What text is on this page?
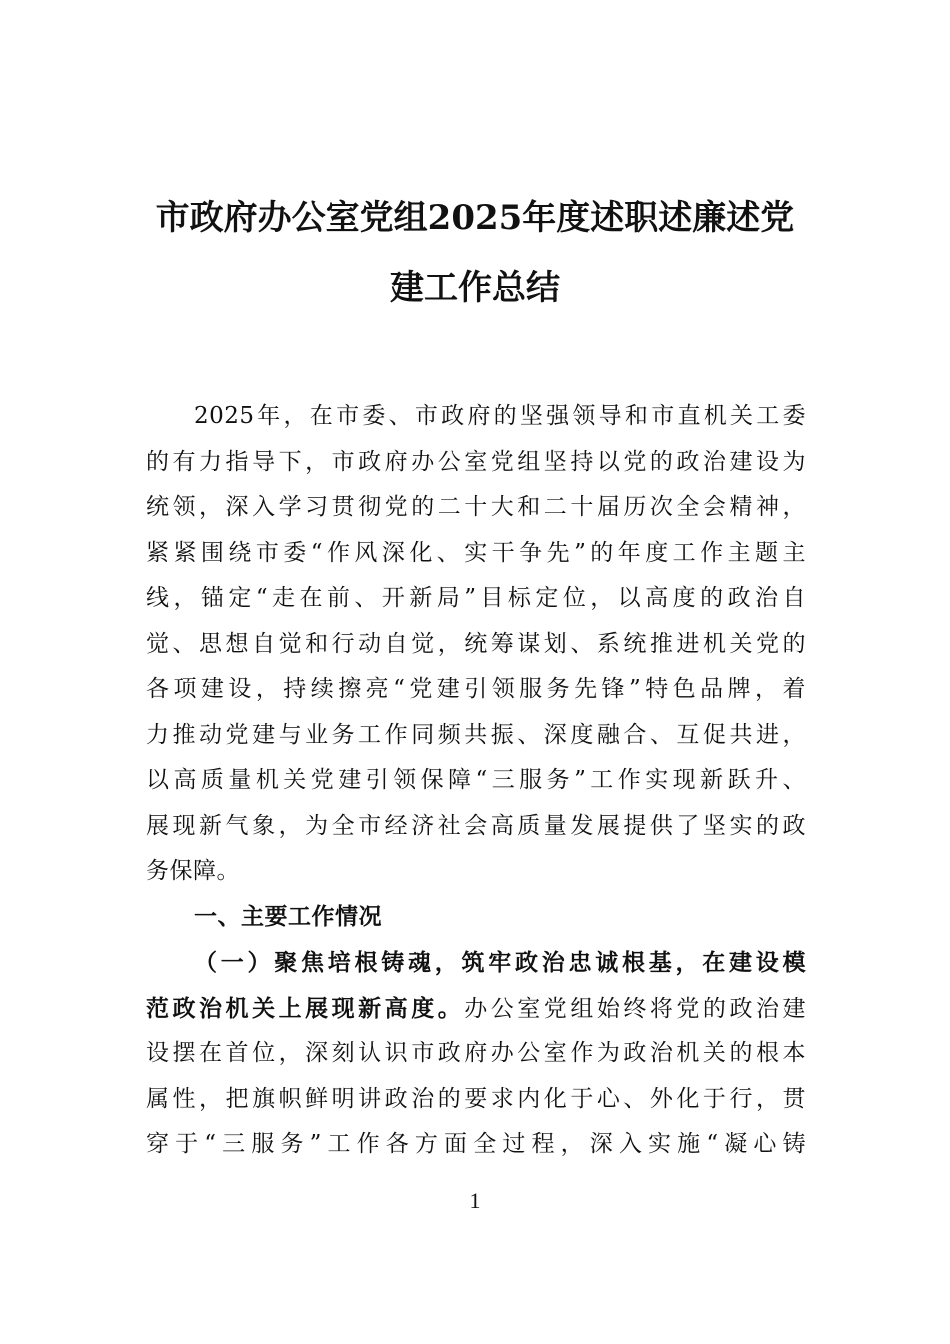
市政府办公室党组2025年度述职述廉述党
建工作总结
2025年，在市委、市政府的坚强领导和市直机关工委
的有力指导下，市政府办公室党组坚持以党的政治建设为
统领，深入学习贯彻党的二十大和二十届历次全会精神，
紧紧围绕市委“作风深化、实干争先”的年度工作主题主
线，锚定“走在前、开新局”目标定位，以高度的政治自
觉、思想自觉和行动自觉，统筹谋划、系统推进机关党的
各项建设，持续擦亮“党建引领服务先锋”特色品牌，着
力推动党建与业务工作同频共振、深度融合、互促共进，
以高质量机关党建引领保障“三服务”工作实现新跃升、
展现新气象，为全市经济社会高质量发展提供了坚实的政
务保障。
一、主要工作情况
（一）聚焦培根铸魂，筑牢政治忠诚根基，在建设模
范政治机关上展现新高度。办公室党组始终将党的政治建
设摆在首位，深刻认识市政府办公室作为政治机关的根本
属性，把旗帜鲜明讲政治的要求内化于心、外化于行，贯
穿于“三服务”工作各方面全过程，深入实施“凝心铸
1
